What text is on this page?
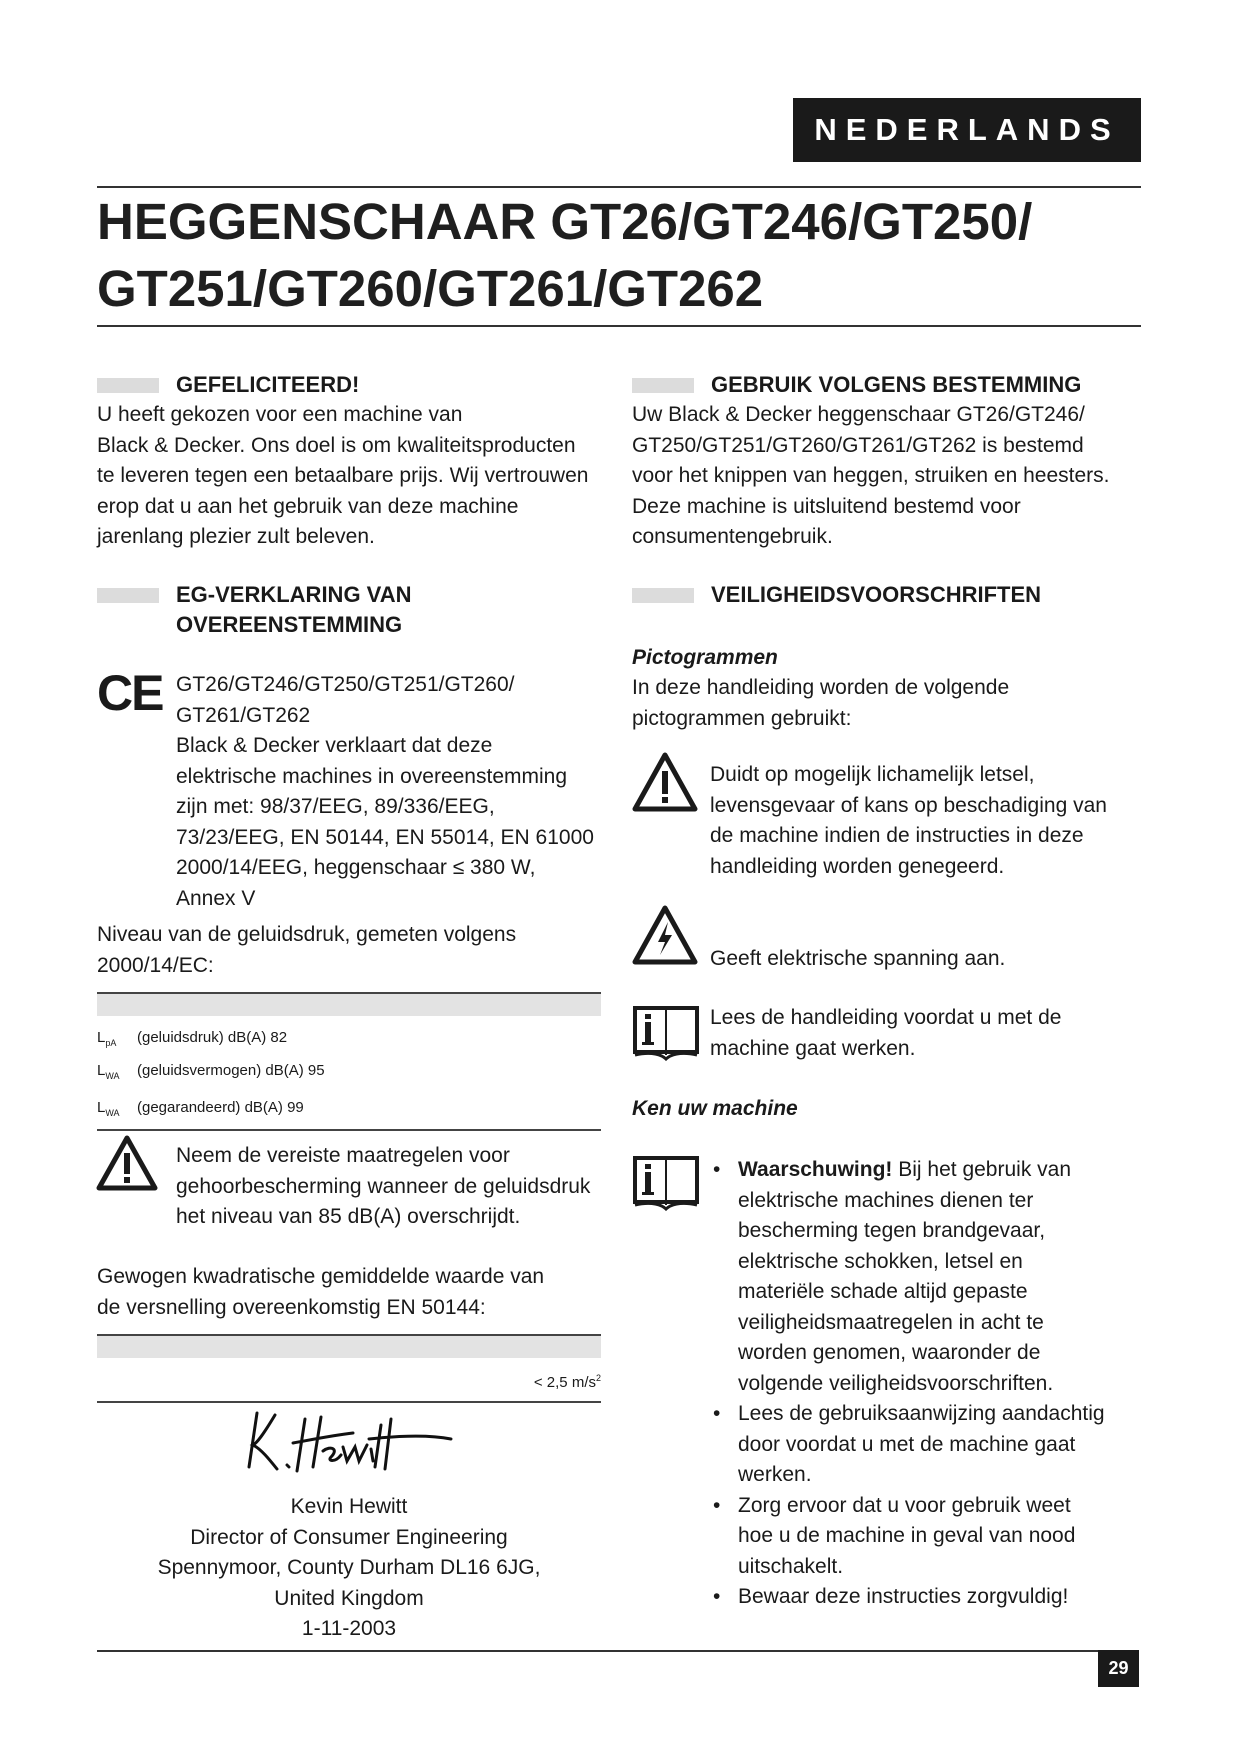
NEDERLANDS
HEGGENSCHAAR GT26/GT246/GT250/
GT251/GT260/GT261/GT262
GEFELICITEERD!
U heeft gekozen voor een machine van
Black & Decker. Ons doel is om kwaliteitsproducten
te leveren tegen een betaalbare prijs. Wij vertrouwen
erop dat u aan het gebruik van deze machine
jarenlang plezier zult beleven.
EG-VERKLARING VAN
OVEREENSTEMMING
CE GT26/GT246/GT250/GT251/GT260/
GT261/GT262
Black & Decker verklaart dat deze
elektrische machines in overeenstemming
zijn met: 98/37/EEG, 89/336/EEG,
73/23/EEG, EN 50144, EN 55014, EN 61000
2000/14/EEG, heggenschaar ≤ 380 W,
Annex V
Niveau van de geluidsdruk, gemeten volgens
2000/14/EC:
$L_{pA}$	(geluidsdruk) dB(A) 82
$L_{WA}$	(geluidsvermogen) dB(A) 95
$L_{WA}$	(gegarandeerd) dB(A) 99
Neem de vereiste maatregelen voor
gehoorbescherming wanneer de geluidsdruk
het niveau van 85 dB(A) overschrijdt.
Gewogen kwadratische gemiddelde waarde van
de versnelling overeenkomstig EN 50144:
< 2,5 $m/s^2$
Kevin Hewitt
Director of Consumer Engineering
Spennymoor, County Durham DL16 6JG,
United Kingdom
1-11-2003
GEBRUIK VOLGENS BESTEMMING
Uw Black & Decker heggenschaar GT26/GT246/
GT250/GT251/GT260/GT261/GT262 is bestemd
voor het knippen van heggen, struiken en heesters.
Deze machine is uitsluitend bestemd voor
consumentengebruik.
VEILIGHEIDSVOORSCHRIFTEN
Pictogrammen
In deze handleiding worden de volgende
pictogrammen gebruikt:
Duidt op mogelijk lichamelijk letsel,
levensgevaar of kans op beschadiging van
de machine indien de instructies in deze
handleiding worden genegeerd.
Geeft elektrische spanning aan.
Lees de handleiding voordat u met de
machine gaat werken.
Ken uw machine
• Waarschuwing! Bij het gebruik van
elektrische machines dienen ter
bescherming tegen brandgevaar,
elektrische schokken, letsel en
materiële schade altijd gepaste
veiligheidsmaatregelen in acht te
worden genomen, waaronder de
volgende veiligheidsvoorschriften.
• Lees de gebruiksaanwijzing aandachtig
door voordat u met de machine gaat
werken.
• Zorg ervoor dat u voor gebruik weet
hoe u de machine in geval van nood
uitschakelt.
• Bewaar deze instructies zorgvuldig!
29
